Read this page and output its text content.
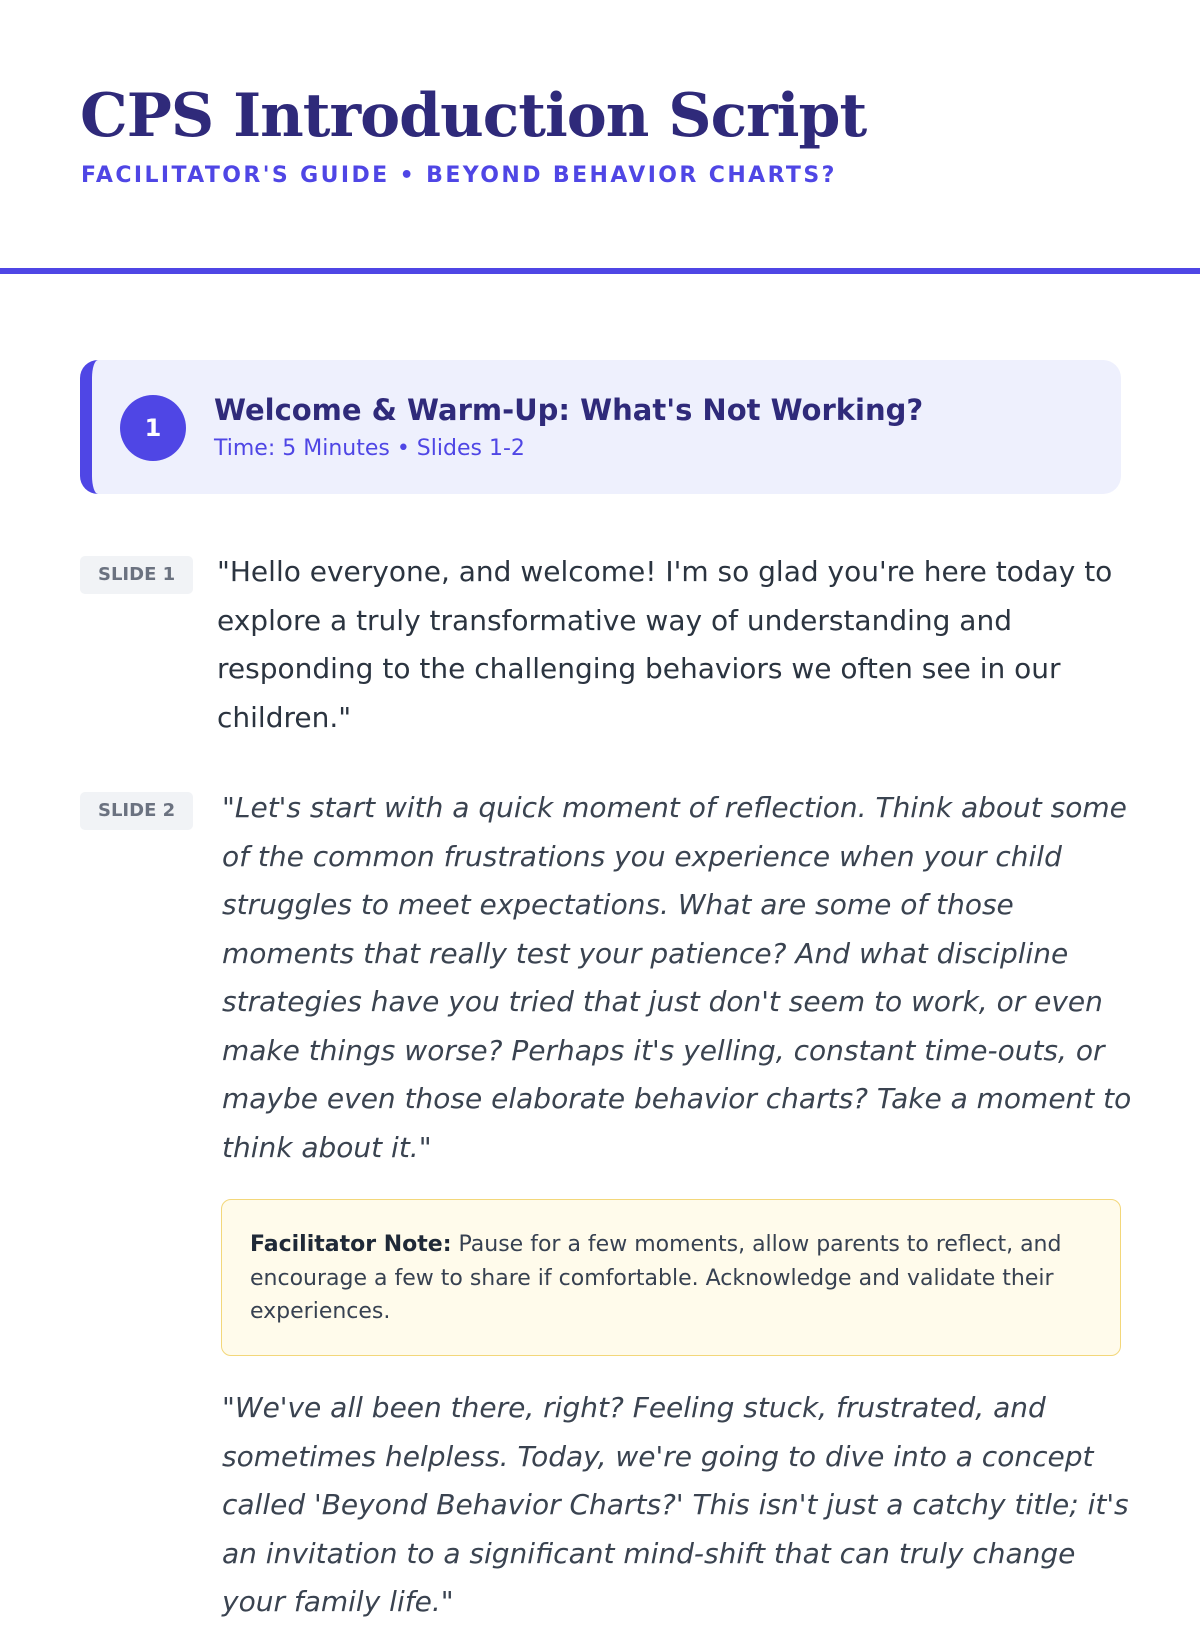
CPS Introduction Script
FACILITATOR'S GUIDE • BEYOND BEHAVIOR CHARTS?
1
Welcome & Warm-Up: What's Not Working?
Time: 5 Minutes • Slides 1-2
SLIDE 1	"Hello everyone, and welcome! I'm so glad you're here today to explore a truly transformative way of understanding and responding to the challenging behaviors we often see in our children."

SLIDE 2	"Let's start with a quick moment of reflection. Think about some of the common frustrations you experience when your child struggles to meet expectations. What are some of those moments that really test your patience? And what discipline strategies have you tried that just don't seem to work, or even make things worse? Perhaps it's yelling, constant time-outs, or maybe even those elaborate behavior charts? Take a moment to think about it."

Facilitator Note: Pause for a few moments, allow parents to reflect, and encourage a few to share if comfortable. Acknowledge and validate their experiences.

"We've all been there, right? Feeling stuck, frustrated, and sometimes helpless. Today, we're going to dive into a concept called 'Beyond Behavior Charts?' This isn't just a catchy title; it's an invitation to a significant mind-shift that can truly change your family life."
